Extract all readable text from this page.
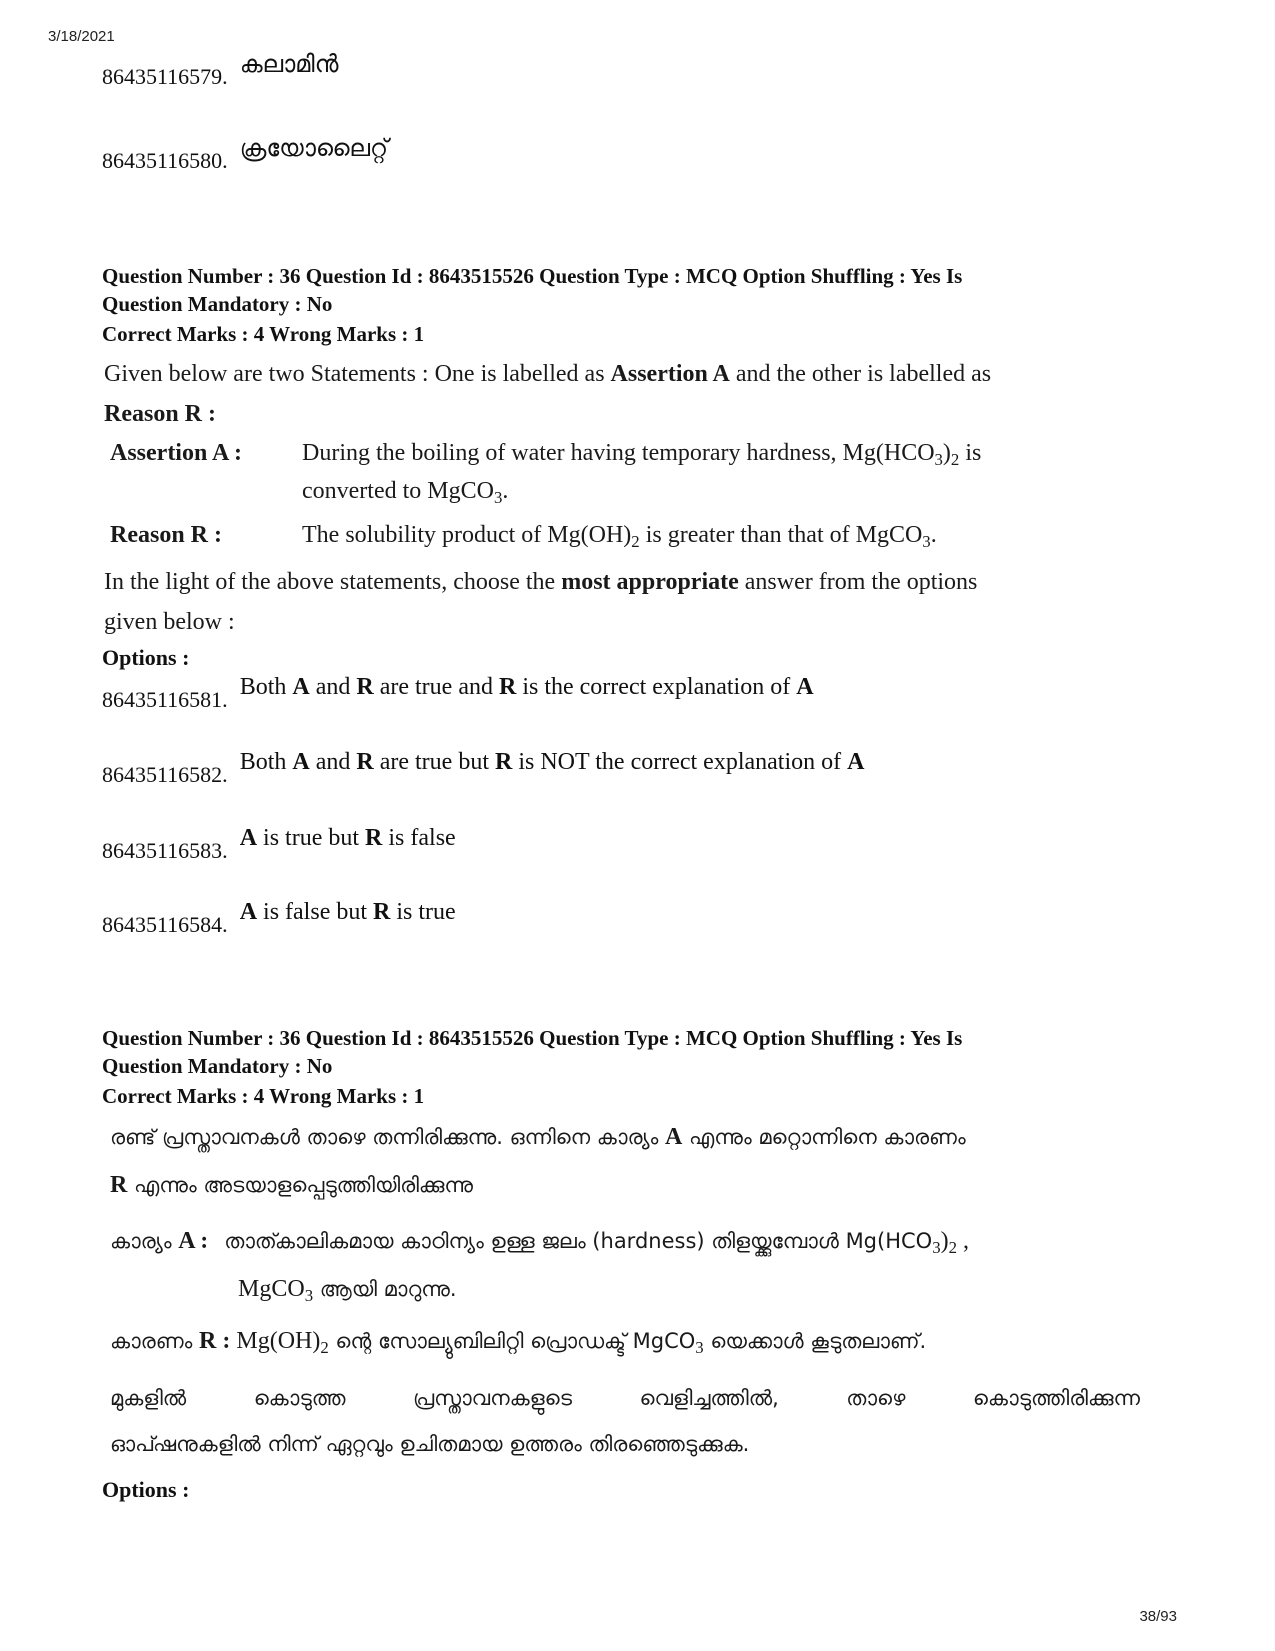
3/18/2021
86435116579. കലാമിൻ
86435116580. ക്രയോലൈറ്റ്
Question Number : 36 Question Id : 8643515526 Question Type : MCQ Option Shuffling : Yes Is
Question Mandatory : No
Correct Marks : 4 Wrong Marks : 1
Given below are two Statements : One is labelled as Assertion A and the other is labelled as
Reason R :
Assertion A :	During the boiling of water having temporary hardness, $Mg(HCO_3)_2$ is
converted to MgCO$_3$.
Reason R :	The solubility product of $Mg(OH)_2$ is greater than that of MgCO$_3$.
In the light of the above statements, choose the most appropriate answer from the options
given below :
Options :
86435116581. Both A and R are true and R is the correct explanation of A
86435116582. Both A and R are true but R is NOT the correct explanation of A
86435116583. A is true but R is false
86435116584. A is false but R is true
Question Number : 36 Question Id : 8643515526 Question Type : MCQ Option Shuffling : Yes Is
Question Mandatory : No
Correct Marks : 4 Wrong Marks : 1
രണ്ട് പ്രസ്താവനകൾ താഴെ തന്നിരിക്കുന്നു. ഒന്നിനെ കാര്യം A എന്നും മറ്റൊന്നിനെ കാരണം
R എന്നും അടയാളപ്പെടുത്തിയിരിക്കുന്നു
കാര്യം A : താത്കാലികമായ കാഠിന്യം ഉള്ള ജലം (hardness) തിളയ്ക്കുമ്പോൾ $Mg(HCO_3)_2$ ,
MgCO$_3$ ആയി മാറുന്നു.
കാരണം R : $Mg(OH)_2$ ന്റെ സോല്യുബിലിറ്റി പ്രൊഡക്ട് MgCO$_3$ യെക്കാൾ കൂടുതലാണ്.
മുകളിൽ കൊടുത്ത പ്രസ്താവനകളുടെ വെളിച്ചത്തിൽ, താഴെ കൊടുത്തിരിക്കുന്ന
ഓപ്ഷനുകളിൽ നിന്ന് ഏറ്റവും ഉചിതമായ ഉത്തരം തിരഞ്ഞെടുക്കുക.
Options :
38/93
